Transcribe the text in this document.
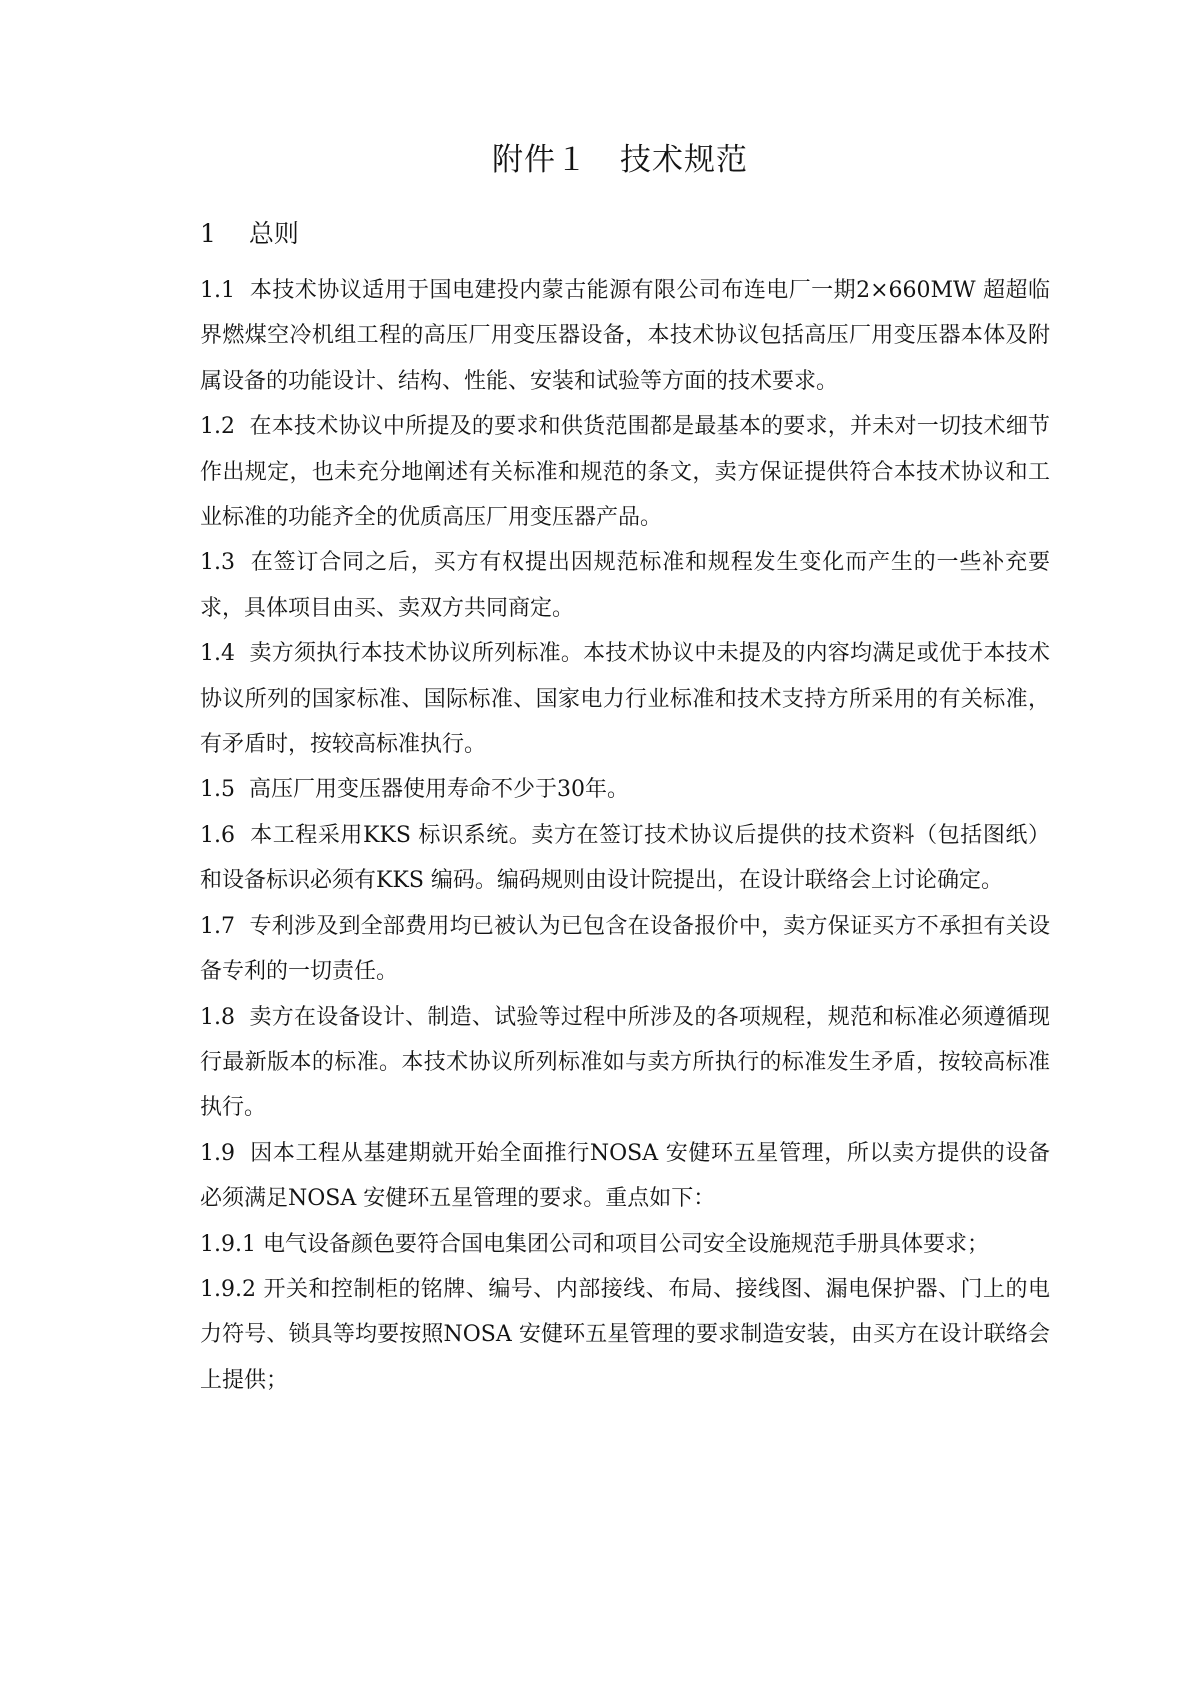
附件１　技术规范
1　 总则

1.1  本技术协议适用于国电建投内蒙古能源有限公司布连电厂一期2×660MW 超超临界燃煤空冷机组工程的高压厂用变压器设备，本技术协议包括高压厂用变压器本体及附属设备的功能设计、结构、性能、安装和试验等方面的技术要求。

1.2  在本技术协议中所提及的要求和供货范围都是最基本的要求，并未对一切技术细节作出规定，也未充分地阐述有关标准和规范的条文，卖方保证提供符合本技术协议和工业标准的功能齐全的优质高压厂用变压器产品。

1.3  在签订合同之后，买方有权提出因规范标准和规程发生变化而产生的一些补充要求，具体项目由买、卖双方共同商定。

1.4  卖方须执行本技术协议所列标准。本技术协议中未提及的内容均满足或优于本技术协议所列的国家标准、国际标准、国家电力行业标准和技术支持方所采用的有关标准，有矛盾时，按较高标准执行。

1.5  高压厂用变压器使用寿命不少于30年。

1.6  本工程采用KKS 标识系统。卖方在签订技术协议后提供的技术资料（包括图纸）和设备标识必须有KKS 编码。编码规则由设计院提出，在设计联络会上讨论确定。

1.7  专利涉及到全部费用均已被认为已包含在设备报价中，卖方保证买方不承担有关设备专利的一切责任。

1.8  卖方在设备设计、制造、试验等过程中所涉及的各项规程，规范和标准必须遵循现行最新版本的标准。本技术协议所列标准如与卖方所执行的标准发生矛盾，按较高标准执行。

1.9  因本工程从基建期就开始全面推行NOSA 安健环五星管理，所以卖方提供的设备必须满足NOSA 安健环五星管理的要求。重点如下：

1.9.1 电气设备颜色要符合国电集团公司和项目公司安全设施规范手册具体要求；

1.9.2 开关和控制柜的铭牌、编号、内部接线、布局、接线图、漏电保护器、门上的电力符号、锁具等均要按照NOSA 安健环五星管理的要求制造安装，由买方在设计联络会上提供；
